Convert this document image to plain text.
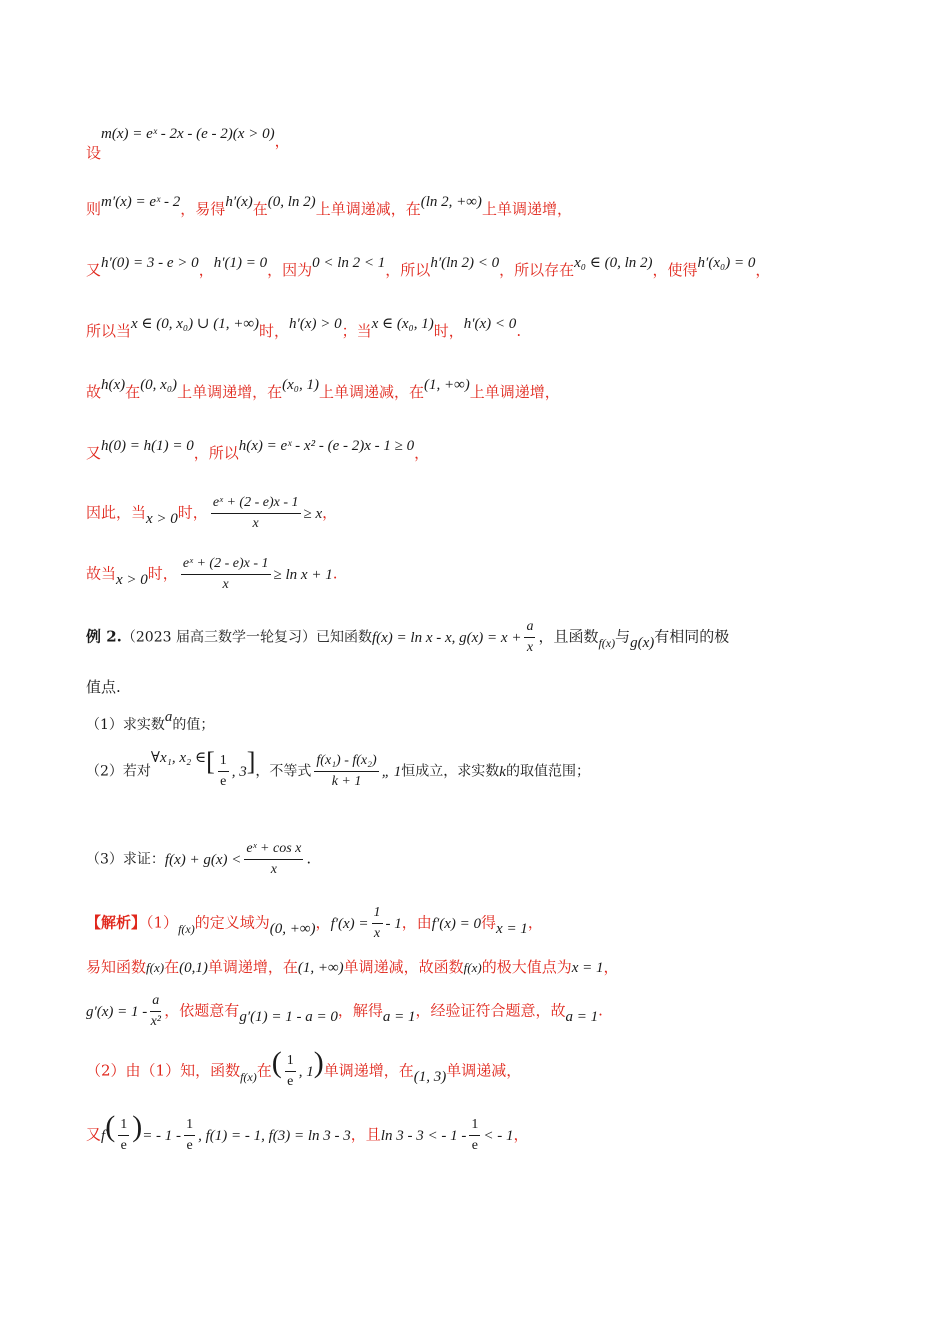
设m(x) = eˣ - 2x - (e - 2)(x > 0)，
则m′(x) = eˣ - 2，易得h′(x)在(0, ln 2)上单调递减，在(ln 2, +∞)上单调递增，
又h′(0) = 3 - e > 0，h′(1) = 0，因为0 < ln 2 < 1，所以h′(ln 2) < 0，所以存在x₀ ∈ (0, ln 2)，使得h′(x₀) = 0，
所以当x ∈ (0, x₀) ∪ (1, +∞)时，h′(x) > 0；当x ∈ (x₀, 1)时，h′(x) < 0.
故h(x)在(0, x₀)上单调递增，在(x₀, 1)上单调递减，在(1, +∞)上单调递增，
又h(0) = h(1) = 0，所以h(x) = eˣ - x² - (e - 2)x - 1 ≥ 0，
因此，当x > 0时， $\frac{\text{eˣ + (2 - e)x - 1}}{x} \ge x$，
故当x > 0时， $\frac{\text{eˣ + (2 - e)x - 1}}{x} \ge \ln x + 1$.
例 2.（2023 届高三数学一轮复习）已知函数f(x) = ln x - x, $g(x) = x + \frac{a}{x}$ ，且函数f(x)与g(x)有相同的极
值点.
（1）求实数a的值；
（2）若对∀x₁, x₂ ∈[ $\frac{1}{e}$ , 3]，不等式 $\frac{\text{f(x₁) - f(x₂)}}{k + 1}$ „ 1恒成立，求实数k的取值范围；
（3）求证：$f(x) + g(x) < \frac{\text{eˣ + cos x}}{x}$ .
【解析】（1）f(x)的定义域为(0, +∞)，$f'(x) = \frac{1}{x} - 1$，由f′(x) = 0得x = 1，
易知函数f(x)在(0,1)单调递增，在(1, +∞)单调递减，故函数f(x)的极大值点为x = 1，
$g'(x) = 1 - \frac{a}{\text{x²}}$ ，依题意有g′(1) = 1 - a = 0，解得a = 1，经验证符合题意，故a = 1.
（2）由（1）知，函数f(x)在( $\frac{1}{e}$ , 1)单调递增，在(1, 3)单调递减，
又$f( \frac{1}{e}$ )= - $1 - \frac{1}{e}$ , f(1) = - 1, f(3) = ln 3 - 3，且ln 3 - 3 < - $1 - \frac{1}{e}$ < - 1，
